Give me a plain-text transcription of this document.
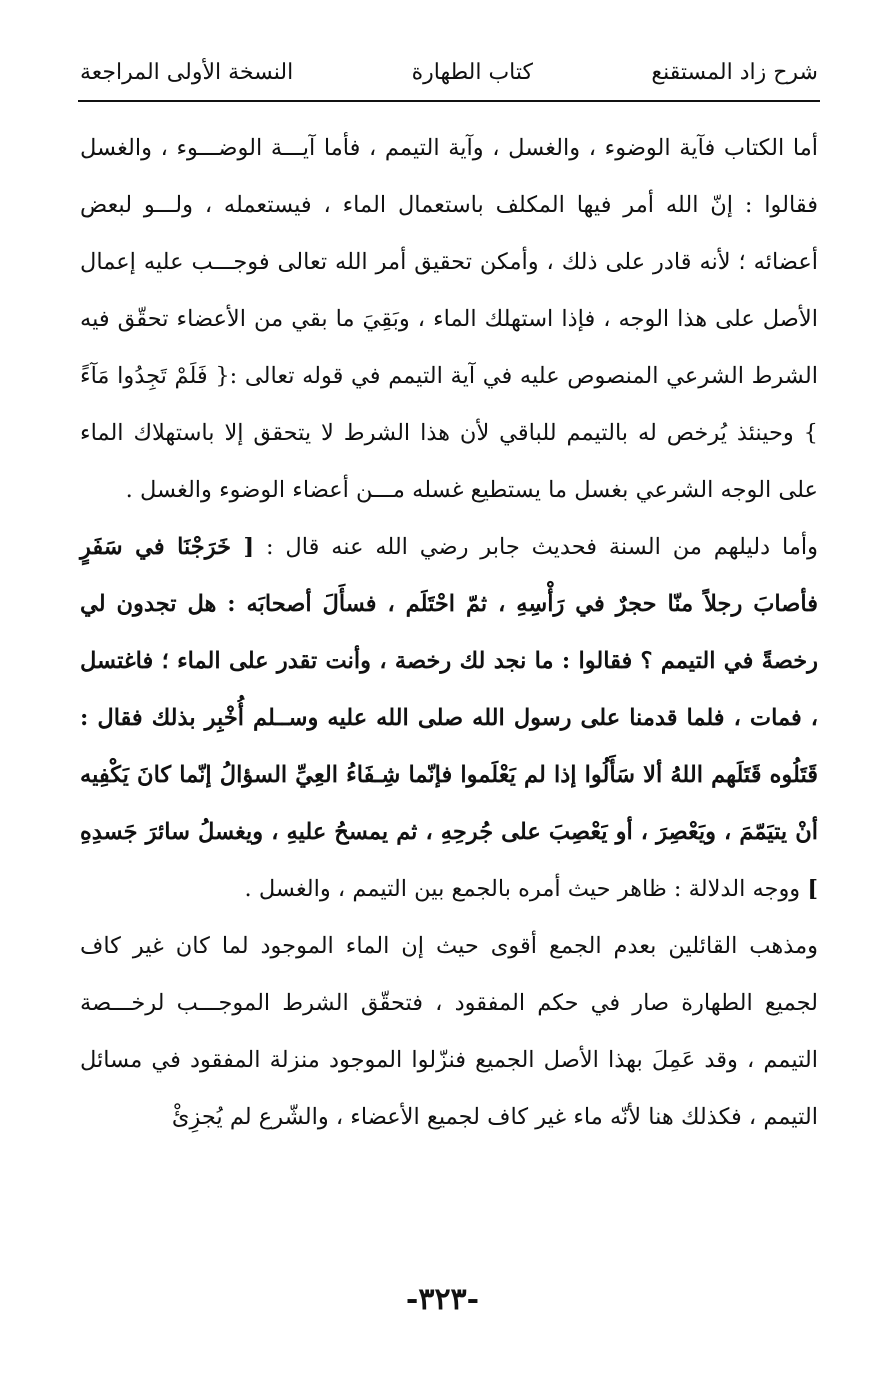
شرح زاد المستقنع
كتاب الطهارة
النسخة الأولى المراجعة

أما الكتاب فآية الوضوء ، والغسل ، وآية التيمم ، فأما آيـــة الوضـــوء ، والغسل فقالوا : إنّ الله أمر فيها المكلف باستعمال الماء ، فيستعمله ، ولـــو لبعض أعضائه ؛ لأنه قادر على ذلك ، وأمكن تحقيق أمر الله تعالى فوجـــب عليه إعمال الأصل على هذا الوجه ، فإذا استهلك الماء ، وبَقِيَ ما بقي من الأعضاء تحقّق فيه الشرط الشرعي المنصوص عليه في آية التيمم في قوله تعالى :{ فَلَمْ تَجِدُوا مَآءً } وحينئذ يُرخص له بالتيمم للباقي لأن هذا الشرط لا يتحقق إلا باستهلاك الماء على الوجه الشرعي بغسل ما يستطيع غسله مـــن أعضاء الوضوء والغسل .

وأما دليلهم من السنة فحديث جابر رضي الله عنه قال : [ خَرَجْنَا في سَفَرٍ فأصابَ رجلاً منّا حجرٌ في رَأْسِهِ ، ثمّ احْتَلَم ، فسأَلَ أصحابَه : هل تجدون لي رخصةً في التيمم ؟ فقالوا : ما نجد لك رخصة ، وأنت تقدر على الماء ؛ فاغتسل ، فمات ، فلما قدمنا على رسول الله صلى الله عليه وســلم أُخْبِر بذلك فقال : قَتَلُوه قَتَلَهم اللهُ ألا سَأَلُوا إذا لم يَعْلَموا فإنّما شِـفَاءُ العِيِّ السؤالُ إنّما كانَ يَكْفِيه أنْ يتيَمّمَ ، ويَعْصِرَ ، أو يَعْصِبَ على جُرحِهِ ، ثم يمسحُ عليهِ ، ويغسلُ سائرَ جَسدِهِ ] ووجه الدلالة : ظاهر حيث أمره بالجمع بين التيمم ، والغسل .

ومذهب القائلين بعدم الجمع أقوى حيث إن الماء الموجود لما كان غير كاف لجميع الطهارة صار في حكم المفقود ، فتحقّق الشرط الموجـــب لرخـــصة التيمم ، وقد عَمِلَ بهذا الأصل الجميع فنزّلوا الموجود منزلة المفقود في مسائل التيمم ، فكذلك هنا لأنّه ماء غير كاف لجميع الأعضاء ، والشّرع لم يُجزِئْ

-٣٢٣-
